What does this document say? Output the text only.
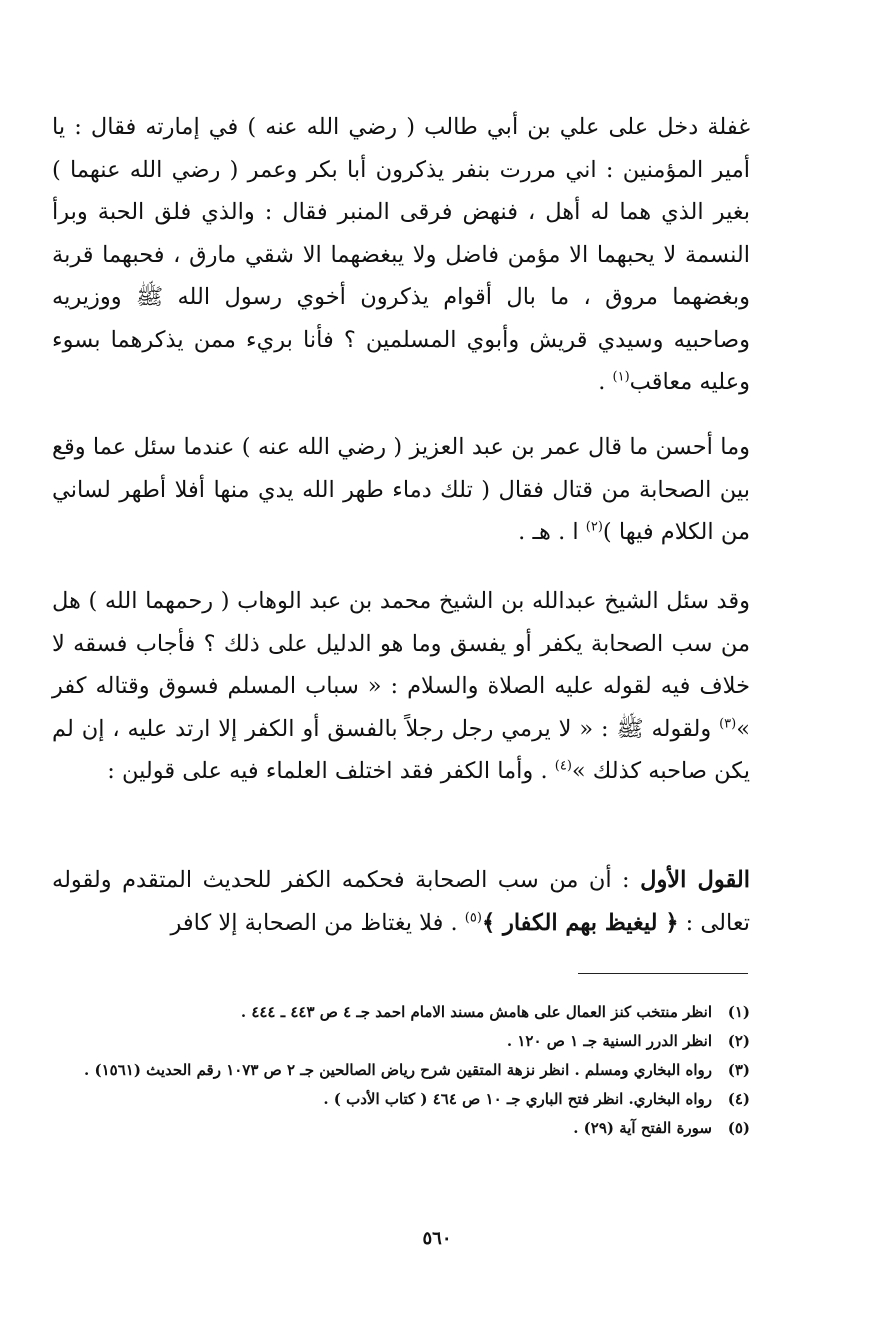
غفلة دخل على علي بن أبي طالب ( رضي الله عنه ) في إمارته فقال : يا أمير المؤمنين : اني مررت بنفر يذكرون أبا بكر وعمر ( رضي الله عنهما ) بغير الذي هما له أهل ، فنهض فرقى المنبر فقال : والذي فلق الحبة وبرأ النسمة لا يحبهما الا مؤمن فاضل ولا يبغضهما الا شقي مارق ، فحبهما قربة وبغضهما مروق ، ما بال أقوام يذكرون أخوي رسول الله ﷺ ووزيريه وصاحبيه وسيدي قريش وأبوي المسلمين ؟ فأنا بريء ممن يذكرهما بسوء وعليه معاقب$^{(١)}$ .
وما أحسن ما قال عمر بن عبد العزيز ( رضي الله عنه ) عندما سئل عما وقع بين الصحابة من قتال فقال ( تلك دماء طهر الله يدي منها أفلا أطهر لساني من الكلام فيها )$^{(٢)}$ ا . هـ .
وقد سئل الشيخ عبدالله بن الشيخ محمد بن عبد الوهاب ( رحمهما الله ) هل من سب الصحابة يكفر أو يفسق وما هو الدليل على ذلك ؟ فأجاب فسقه لا خلاف فيه لقوله عليه الصلاة والسلام : « سباب المسلم فسوق وقتاله كفر »$^{(٣)}$ ولقوله ﷺ : « لا يرمي رجل رجلاً بالفسق أو الكفر إلا ارتد عليه ، إن لم يكن صاحبه كذلك »$^{(٤)}$ . وأما الكفر فقد اختلف العلماء فيه على قولين :
القول الأول : أن من سب الصحابة فحكمه الكفر للحديث المتقدم ولقوله تعالى : ﴿ ليغيظ بهم الكفار ﴾$^{(٥)}$ . فلا يغتاظ من الصحابة إلا كافر
(١)انظر منتخب كنز العمال على هامش مسند الامام احمد جـ ٤ ص ٤٤٣ ـ ٤٤٤ .
(٢)انظر الدرر السنية جـ ١ ص ١٢٠ .
(٣)رواه البخاري ومسلم . انظر نزهة المتقين شرح رياض الصالحين جـ ٢ ص ١٠٧٣ رقم الحديث (١٥٦١) .
(٤)رواه البخاري. انظر فتح الباري جـ ١٠ ص ٤٦٤ ( كتاب الأدب ) .
(٥)سورة الفتح آية (٢٩) .
٥٦٠
